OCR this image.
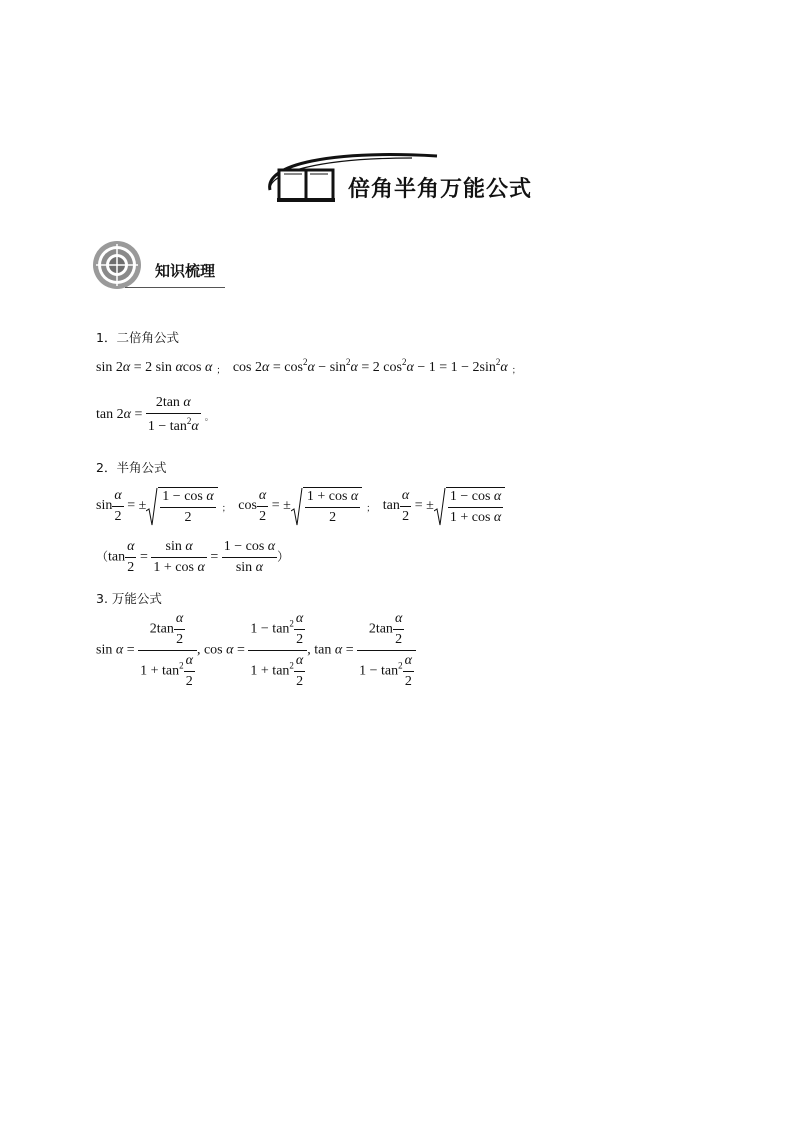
倍角半角万能公式
知识梳理
1．二倍角公式
sin 2α = 2 sin αcos α ； $\cos 2\alpha = \cos^2\alpha - \sin^2\alpha = 2$ $\cos^2\alpha - 1 = 1 - 2\sin^2\alpha$ ；
$\tan 2\alpha = \frac{\text{2tan α}}{1 - \tan^2\alpha}$ 。
2．半角公式
$\sin \frac{\alpha}{2}$ = ± $\frac{\text{1 − cos α}}{2}$ ； $\cos \frac{\alpha}{2}$ = ± $\frac{\text{1 + cos α}}{2}$ ； $\tan \frac{\alpha}{2}$ = ± $\frac{\text{1 − cos α}}{\text{1 + cos α}}$
（$\tan \frac{\alpha}{2} = \frac{\text{sin α}}{\text{1 + cos α}} = \frac{\text{1 − cos α}}{\text{sin α}}$ ）
3. 万能公式
$\sin \alpha = \frac{2\tan \frac{\alpha}{2}}{1 + \tan^2 \frac{\alpha}{2}}$ , $\cos \alpha = \frac{1 - \tan^2 \frac{\alpha}{2}}{1 + \tan^2 \frac{\alpha}{2}}$ , $\tan \alpha = \frac{2\tan \frac{\alpha}{2}}{1 - \tan^2 \frac{\alpha}{2}}$
